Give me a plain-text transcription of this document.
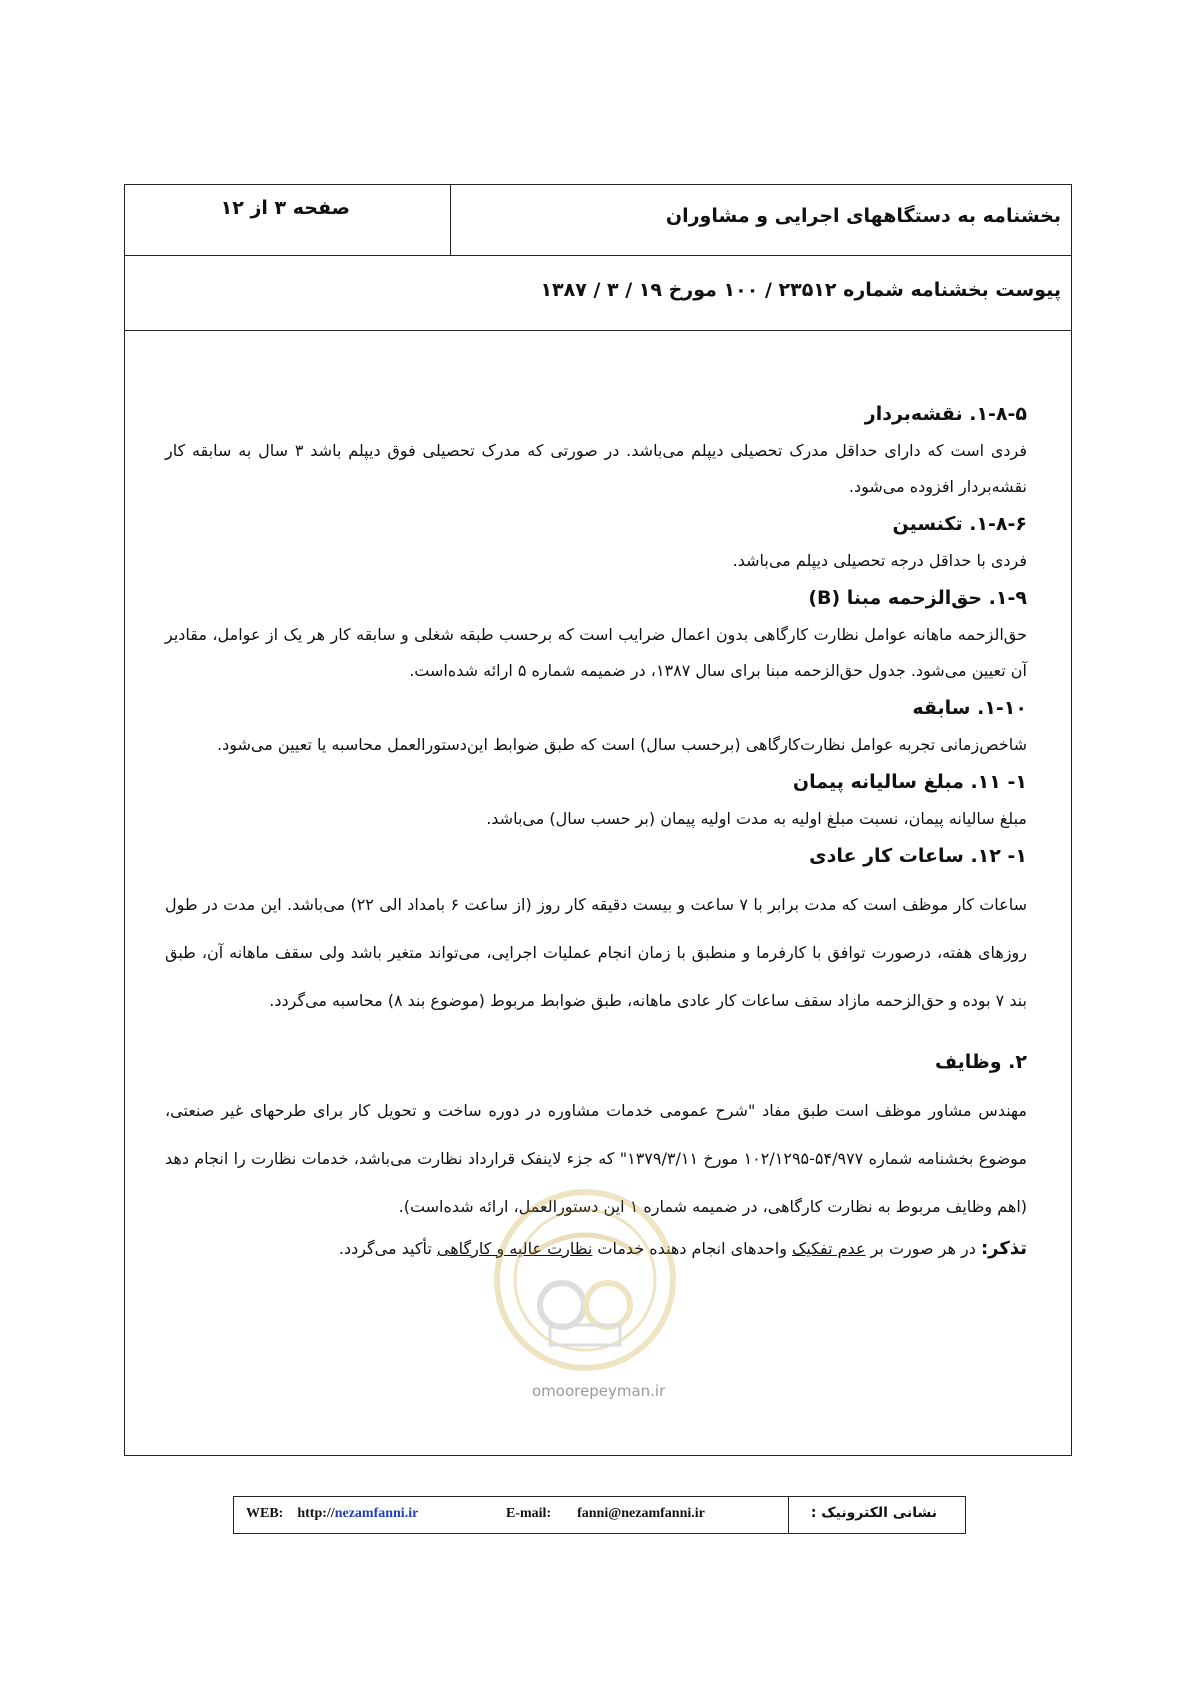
صفحه ۳ از ۱۲	بخشنامه به دستگاههای اجرایی و مشاوران
پیوست بخشنامه شماره ۲۳۵۱۲ / ۱۰۰ مورخ ۱۹ / ۳ / ۱۳۸۷
۱-۸-۵. نقشه‌بردار

فردی است که دارای حداقل مدرک تحصیلی دیپلم می‌باشد. در صورتی که مدرک تحصیلی فوق دیپلم باشد ۳ سال به سابقه کار نقشه‌بردار افزوده می‌شود.

۱-۸-۶. تکنسین

فردی با حداقل درجه تحصیلی دیپلم می‌باشد.

۱-۹. حق‌الزحمه مبنا (B)

حق‌الزحمه ماهانه عوامل نظارت کارگاهی بدون اعمال ضرایب است که برحسب طبقه شغلی و سابقه کار هر یک از عوامل، مقادیر آن تعیین می‌شود. جدول حق‌الزحمه مبنا برای سال ۱۳۸۷، در ضمیمه شماره ۵ ارائه شده‌است.

۱-۱۰. سابقه

شاخص‌زمانی تجربه عوامل نظارت‌کارگاهی (برحسب سال) است که طبق ضوابط این‌دستورالعمل محاسبه یا تعیین می‌شود.

۱- ۱۱. مبلغ سالیانه پیمان

مبلغ سالیانه پیمان، نسبت مبلغ اولیه به مدت اولیه پیمان (بر حسب سال) می‌باشد.

۱- ۱۲. ساعات کار عادی

ساعات کار موظف است که مدت برابر با ۷ ساعت و بیست دقیقه کار روز (از ساعت ۶ بامداد الی ۲۲) می‌باشد. این مدت در طول روزهای هفته، درصورت توافق با کارفرما و منطبق با زمان انجام عملیات اجرایی، می‌تواند متغیر باشد ولی سقف ماهانه آن، طبق بند ۷ بوده و حق‌الزحمه مازاد سقف ساعات کار عادی ماهانه، طبق ضوابط مربوط (موضوع بند ۸) محاسبه می‌گردد.

۲. وظایف

مهندس مشاور موظف است طبق مفاد "شرح عمومی خدمات مشاوره در دوره ساخت و تحویل کار برای طرحهای غیر صنعتی، موضوع بخشنامه شماره ۵۴/۹۷۷-۱۰۲/۱۲۹۵ مورخ ۱۳۷۹/۳/۱۱" که جزء لاینفک قرارداد نظارت می‌باشد، خدمات نظارت را انجام دهد (اهم وظایف مربوط به نظارت کارگاهی، در ضمیمه شماره ۱ این دستورالعمل، ارائه شده‌است).

تذکر: در هر صورت بر عدم تفکیک واحدهای انجام دهنده خدمات نظارت عالیه و کارگاهی تأکید می‌گردد.

omoorepeyman.ir
نشانی الکترونیک :
WEB: http://nezamfanni.ir	E-mail: fanni@nezamfanni.ir
